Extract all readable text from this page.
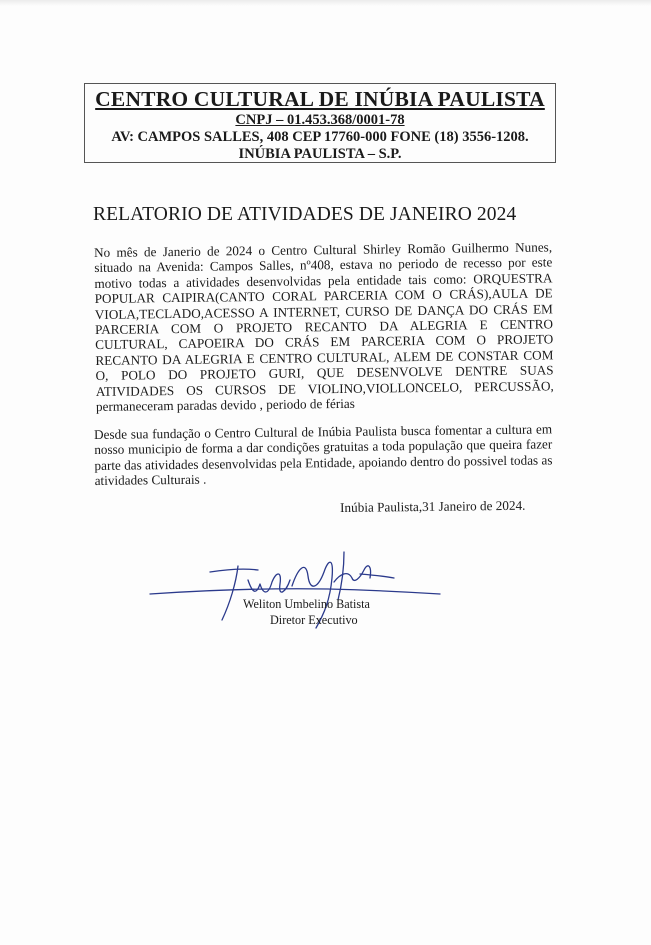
CENTRO CULTURAL DE INÚBIA PAULISTA
CNPJ – 01.453.368/0001-78
AV: CAMPOS SALLES, 408 CEP 17760-000 FONE (18) 3556-1208.
INÚBIA PAULISTA – S.P.
RELATORIO DE ATIVIDADES DE JANEIRO 2024
No mês de Janerio de 2024 o Centro Cultural Shirley Romão Guilhermo Nunes, situado na Avenida: Campos Salles, nº408, estava no periodo de recesso por este motivo todas a atividades desenvolvidas pela entidade tais como: ORQUESTRA POPULAR CAIPIRA(CANTO CORAL PARCERIA COM O CRÁS),AULA DE VIOLA,TECLADO,ACESSO A INTERNET, CURSO DE DANÇA DO CRÁS EM PARCERIA COM O PROJETO RECANTO DA ALEGRIA E CENTRO CULTURAL, CAPOEIRA DO CRÁS EM PARCERIA COM O PROJETO RECANTO DA ALEGRIA E CENTRO CULTURAL, ALEM DE CONSTAR COM O, POLO DO PROJETO GURI, QUE DESENVOLVE DENTRE SUAS ATIVIDADES OS CURSOS DE VIOLINO,VIOLLONCELO, PERCUSSÃO, permaneceram paradas devido , periodo de férias
Desde sua fundação o Centro Cultural de Inúbia Paulista busca fomentar a cultura em nosso municipio de forma a dar condições gratuitas a toda população que queira fazer parte das atividades desenvolvidas pela Entidade, apoiando dentro do possivel todas as atividades Culturais .
Inúbia Paulista,31 Janeiro de 2024.
Weliton Umbelino Batista
Diretor Executivo
